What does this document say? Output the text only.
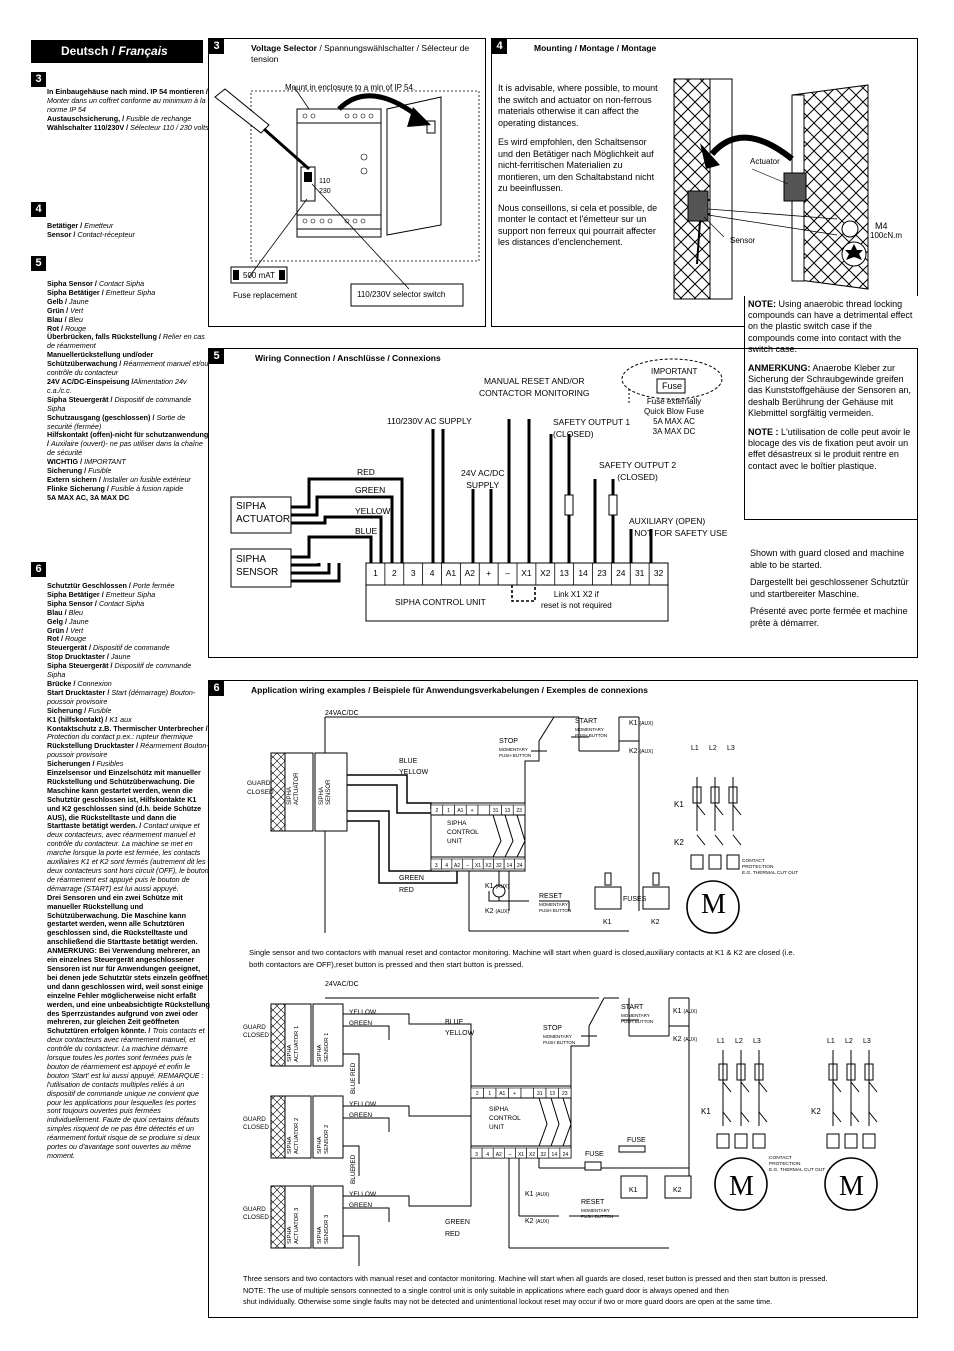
Deutsch / Français
3
In Einbaugehäuse nach mind. IP 54 montieren / Monter dans un coffret conforme au minimum à la norme IP 54
Austauschsicherung, / Fusible de rechange
Wählschalter 110/230V / Sélecteur 110 / 230 volts
4
Betätiger / Emetteur
Sensor / Contact-récepteur
5
Sipha Sensor / Contact Sipha
Sipha Betätiger / Emetteur Sipha
Gelb / Jaune
Grün / Vert
Blau / Bleu
Rot / Rouge
Überbrücken, falls Rückstellung / Relier en cas de réarmement
Manuellerückstellung und/oder Schützüberwachung / Réarmement manuel et/ou contrôle du contacteur
24V AC/DC-Einspeisung /Alimentation 24v c.a./c.c.
Sipha Steuergerät / Dispositif de commande Sipha
Schutzausgang (geschlossen) / Sortie de securité (fermée)
Hilfskontakt (offen)-nicht für schutzanwendung / Auxilaire (ouvert)- ne pas utiliser dans la chaîne de sécurité
WICHTIG / IMPORTANT
Sicherung / Fusible
Extern sichern / Installer un fusible extérieur
Flinke Sicherung / Fusible à fusion rapide
5A MAX AC, 3A MAX DC
6
Schutztür Geschlossen / Porte fermée
Sipha Betätiger / Emetteur Sipha
Sipha Sensor / Contact Sipha
Blau / Bleu
Gelg / Jaune
Grün / Vert
Rot / Rouge
Steuergerät / Dispositif de commande
Stop Drucktaster / Jaune
Sipha Steuergerät / Dispositif de commande Sipha
Brücke / Connexion
Start Drucktaster / Start (démarrage) Bouton-poussoir provisoire
Sicherung / Fusible
K1 (hilfskontakt) / K1 aux
Kontaktschutz z.B. Thermischer Unterbrecher / Protection du contact p.ex.: rupteur thermique
Rückstellung Drucktaster / Réarmement Bouton-poussoir provisoire
Sicherungen / Fusibles
Einzelsensor und Einzelschütz mit manueller Rückstellung und Schützüberwachung. Die Maschine kann gestartet werden, wenn die Schutztür geschlossen ist, Hilfskontakte K1 und K2 geschlossen sind (d.h. beide Schütze AUS), die Rückstelltaste und dann die Starttaste betätigt werden. / Contact unique et deux contacteurs, avec réarmement manuel et contrôle du contacteur. La machine se met en marche lorsque la porte est fermée, les contacts auxiliaires K1 et K2 sont fermés (autrement dit les deux contacteurs sont hors circuit (OFF), le bouton de réarmement est appuyé puis le bouton de démarrage (START) est lui aussi appuyé.
Drei Sensoren und ein zwei Schütze mit manueller Rückstellung und Schützüberwachung. Die Maschine kann gestartet werden, wenn alle Schutztüren geschlossen sind, die Rückstelltaste und anschließend die Starttaste betätigt werden. ANMERKUNG: Bei Verwendung mehrerer, an ein einzelnes Steuergerät angeschlossener Sensoren ist nur für Anwendungen geeignet, bei denen jede Schutztür stets einzeln geöffnet und dann geschlossen wird, weil sonst einige einzelne Fehler möglicherweise nicht erfaßt werden, und eine unbeabsichtigte Rückstellung des Sperrzustandes aufgrund von zwei oder mehreren, zur gleichen Zeit geöffneten Schutztüren erfolgen könnte. / Trois contacts et deux contacteurs avec réarmement manuel, et contrôle du contacteur. La machine démarre lorsque toutes les portes sont fermées puis le bouton de réarmement est appuyé et enfin le bouton 'Start' est lui aussi appuyé. REMARQUE : l'utilisation de contacts multiples reliés à un dispositif de commande unique ne convient que pour les applications pour lesquelles les portes sont toujours ouvertes puis fermées individuellement. Faute de quoi certains défauts simples risquent de ne pas être détectés et un réarmement fortuit risque de se produire si deux portes ou d'avantage sont ouvertes au même moment.
3	Voltage Selector / Spannungswählschalter / Sélecteur de tension
Mount in enclosure to a min of IP 54.
110
230
500 mAT
Fuse replacement	110/230V selector switch
4	Mounting / Montage / Montage

It is advisable, where possible, to mount the switch and actuator on non-ferrous materials otherwise it can affect the operating distances.

Es wird empfohlen, den Schaltsensor und den Betätiger nach Möglichkeit auf nicht-ferritischen Materialien zu montieren, um den Schaltabstand nicht zu beeinflussen.

Nous conseillons, si cela et possible, de monter le contact et l'émetteur sur un support non ferreux qui pourrait affecter les distances d'enclenchement.

Actuator
Sensor
M4
100cN.m

NOTE: Using anaerobic thread locking compounds can have a detrimental effect on the plastic switch case if the compounds come into contact with the switch case.

ANMERKUNG: Anaerobe Kleber zur Sicherung der Schraubgewinde greifen das Kunststoffgehäuse der Sensoren an, deshalb Berührung der Gehäuse mit Klebmittel sorgfältig vermeiden.

NOTE : L'utilisation de colle peut avoir le blocage des vis de fixation peut avoir un effet désastreux si le produit rentre en contact avec le boîtier plastique.

5	Wiring Connection / Anschlüsse / Connexions
IMPORTANT
Fuse
Fuse externally
Quick Blow Fuse
5A MAX AC
3A MAX DC
MANUAL RESET AND/OR
CONTACTOR MONITORING
110/230V AC SUPPLY	SAFETY OUTPUT 1
(CLOSED)
SAFETY OUTPUT 2
(CLOSED)
24V AC/DC
SUPPLY
RED
GREEN
YELLOW
BLUE
SIPHA
ACTUATOR
SIPHA
SENSOR
AUXILIARY (OPEN)
- NOT FOR SAFETY USE
1	2	3	4	A1 A2	+	–	X1 X2	13	14	23	24	31	32
SIPHA CONTROL UNIT
Link X1 X2 if
reset is not required

Shown with guard closed and machine able to be started.

Dargestellt bei geschlossener Schutztür und startbereiter Maschine.

Présenté avec porte fermée et machine prête à démarrer.

6	Application wiring examples / Beispiele für Anwendungsverkabelungen / Exemples de connexions
2 1 A1 +	31 13 23
3 4 A2 – X1 X2 32 14 24
24VAC/DC
GUARD
CLOSED SIPHA ACTUATOR	SIPHA SENSOR
BLUE
YELLOW
GREEN
RED
SIPHA
CONTROL
UNIT
STOP
MOMENTARY
PUSH BUTTON
START
MOMENTARY
PUSH BUTTON
K1 (AUX)
K2 (AUX)
K1 (AUX)
K2 (AUX)
RESET
MOMENTARY
PUSH BUTTON
FUSES
K1	K2
L1 L2 L3
K1
K2
CONTACT
PROTECTION
E.G. THERMAL CUT OUT
M
Single sensor and two contactors with manual reset and contactor monitoring. Machine will start when guard is closed,auxiliary contacts at K1 & K2 are closed (i.e. both contactors are OFF),reset button is pressed and then start button is pressed.
2 1 A1 +	31 13 23
3 4 A2 – X1 X2 32 14 24
24VAC/DC
GUARD
CLOSED
SIPHA ACTUATOR 1	SIPHA SENSOR 1
YELLOW
GREEN
RED
GUARD
CLOSED
SIPHA ACTUATOR 2	SIPHA SENSOR 2
YELLOW
GREEN
RED
BLUE
GUARD
CLOSED
SIPHA ACTUATOR 3	SIPHA SENSOR 3
YELLOW
GREEN
BLUE
BLUE
YELLOW
GREEN
RED
SIPHA
CONTROL
UNIT
STOP
MOMENTARY
PUSH BUTTON
START
MOMENTARY
PUSH BUTTON
K1 (AUX)
K2 (AUX)
K1 (AUX)
K2 (AUX)
RESET
MOMENTARY
PUSH BUTTON
FUSE
FUSE
K1	K2
L1 L2 L3	L1 L2 L3
K1	K2
CONTACT
PROTECTION
E.G. THERMAL CUT OUT
M	M
Three sensors and two contactors with manual reset and contactor monitoring. Machine will start when all guards are closed, reset button is pressed and then start button is pressed.
NOTE: The use of multiple sensors connected to a single control unit is only suitable in applications where each guard door is always opened and then
shut individually. Otherwise some single faults may not be detected and unintentional lockout reset may occur if two or more guard doors are open at the same time.
